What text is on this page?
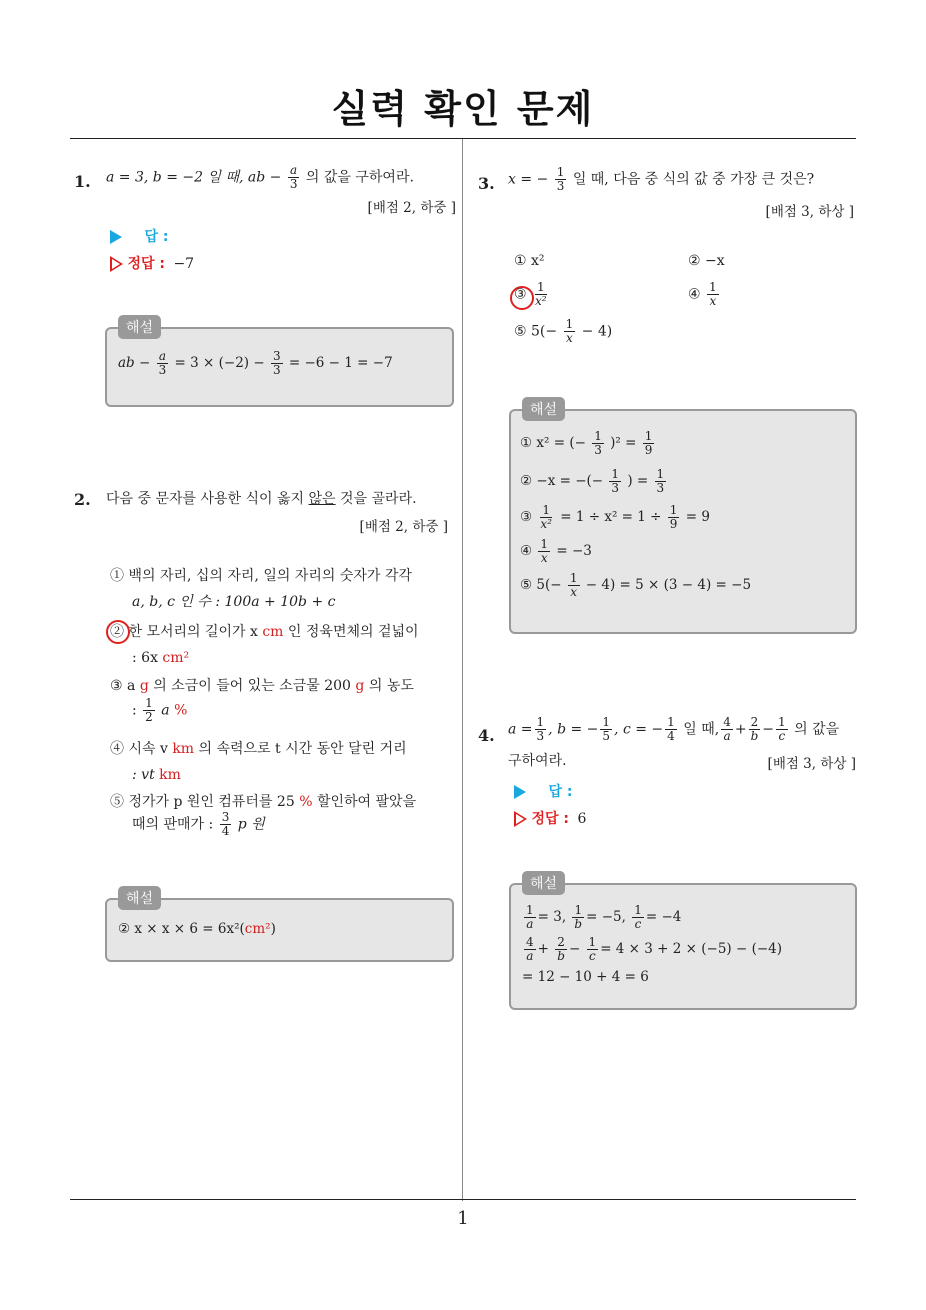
실력 확인 문제
1. a = 3, b = −2 일 때, ab − $\frac{a}{3}$ 의 값을 구하여라.
[배점 2, 하중 ]
답 :
정답 : −7
해설
ab − $\frac{a}{3} = 3 \times (-2) - \frac{3}{3} = -6 - 1 = -7$
2. 다음 중 문자를 사용한 식이 옳지 않은 것을 골라라.
[배점 2, 하중 ]
① 백의 자리, 십의 자리, 일의 자리의 숫자가 각각
a, b, c 인 수 : 100a + 10b + c
② 한 모서리의 길이가 x cm 인 정육면체의 겉넓이
: 6x cm²
③ a g 의 소금이 들어 있는 소금물 200 g 의 농도
: $\frac{1}{2}$ a %
④ 시속 v km 의 속력으로 t 시간 동안 달린 거리
: vt km
⑤ 정가가 p 원인 컴퓨터를 25 % 할인하여 팔았을
때의 판매가 : $\frac{3}{4}$ p 원
해설
② x × x × 6 = 6x²(cm²)
3. x = − $\frac{1}{3}$ 일 때, 다음 중 식의 값 중 가장 큰 것은?
[배점 3, 하상 ]
① x²	② −x
③ $\frac{1}{\text{x²}}$	④ $\frac{1}{x}$
⑤ $5(- \frac{1}{x} - 4)$
해설
① x² = (− $\frac{1}{3} )^2 = \frac{1}{9}$
② −x = −(− $\frac{1}{3}$ ) = $\frac{1}{3}$
③ $\frac{1}{\text{x²}} = 1 \div x^2 = 1 \div \frac{1}{9} = 9$
④ $\frac{1}{x} = -3$
⑤ $5(- \frac{1}{x} - 4) = 5 \times (3 - 4) = -5$
4. $a = \frac{1}{3}$ , b = − $\frac{1}{5}$ , c = − $\frac{1}{4}$ 일 때, $\frac{4}{a} + \frac{2}{b} - \frac{1}{c}$ 의 값을
구하여라.	[배점 3, 하상 ]
답 :
정답 : 6
해설
$\frac{1}{a} = 3$, $\frac{1}{b} = -5$, $\frac{1}{c} = -4$
$\frac{4}{a} + \frac{2}{b} - \frac{1}{c} = 4 \times 3 + 2 \times (-5) - (-4)$
= 12 − 10 + 4 = 6
1
